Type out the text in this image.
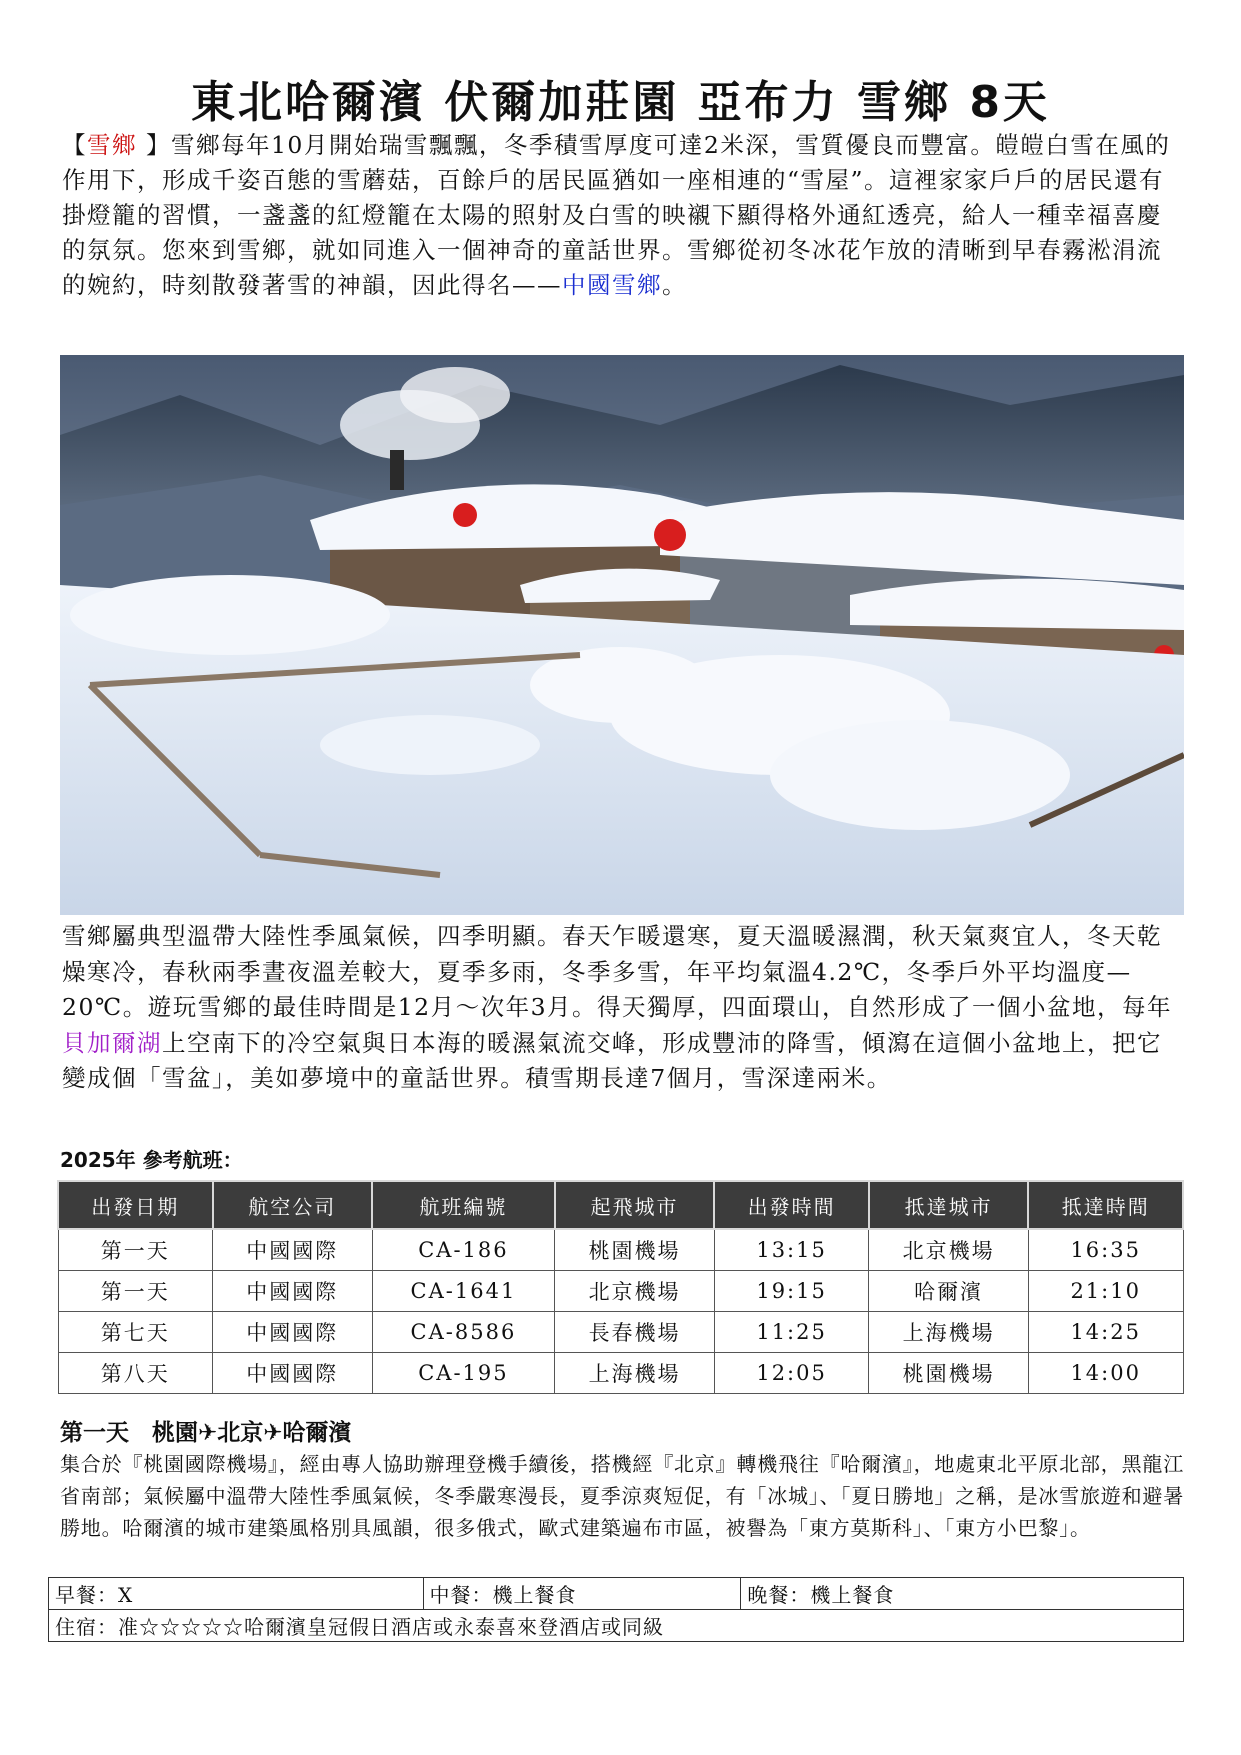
東北哈爾濱 伏爾加莊園 亞布力 雪鄉 8天
【雪鄉 】雪鄉每年10月開始瑞雪飄飄，冬季積雪厚度可達2米深，雪質優良而豐富。皚皚白雪在風的作用下，形成千姿百態的雪蘑菇，百餘戶的居民區猶如一座相連的“雪屋”。這裡家家戶戶的居民還有掛燈籠的習慣，一盞盞的紅燈籠在太陽的照射及白雪的映襯下顯得格外通紅透亮，給人一種幸福喜慶的氛氛。您來到雪鄉，就如同進入一個神奇的童話世界。雪鄉從初冬冰花乍放的清晰到早春霧淞涓流的婉約，時刻散發著雪的神韻，因此得名——中國雪鄉。
雪鄉屬典型溫帶大陸性季風氣候，四季明顯。春天乍暖還寒，夏天溫暖濕潤，秋天氣爽宜人，冬天乾燥寒冷，春秋兩季晝夜溫差較大，夏季多雨，冬季多雪，年平均氣溫4.2℃，冬季戶外平均溫度—20℃。遊玩雪鄉的最佳時間是12月～次年3月。得天獨厚，四面環山，自然形成了一個小盆地，每年貝加爾湖上空南下的冷空氣與日本海的暖濕氣流交峰，形成豐沛的降雪，傾瀉在這個小盆地上，把它變成個「雪盆」，美如夢境中的童話世界。積雪期長達7個月，雪深達兩米。
2025年 參考航班：
出發日期	航空公司	航班編號	起飛城市	出發時間	抵達城市	抵達時間
第一天	中國國際	CA-186	桃園機場	13:15	北京機場	16:35
第一天	中國國際	CA-1641	北京機場	19:15	哈爾濱	21:10
第七天	中國國際	CA-8586	長春機場	11:25	上海機場	14:25
第八天	中國國際	CA-195	上海機場	12:05	桃園機場	14:00
第一天　桃園✈北京✈哈爾濱
集合於『桃園國際機場』，經由專人協助辦理登機手續後，搭機經『北京』轉機飛往『哈爾濱』，地處東北平原北部，黑龍江省南部；氣候屬中溫帶大陸性季風氣候，冬季嚴寒漫長，夏季涼爽短促，有「冰城」、「夏日勝地」之稱，是冰雪旅遊和避暑勝地。哈爾濱的城市建築風格別具風韻，很多俄式，歐式建築遍布市區，被譽為「東方莫斯科」、「東方小巴黎」。
早餐：X	中餐：機上餐食	晚餐：機上餐食
住宿：准☆☆☆☆☆哈爾濱皇冠假日酒店或永泰喜來登酒店或同級
